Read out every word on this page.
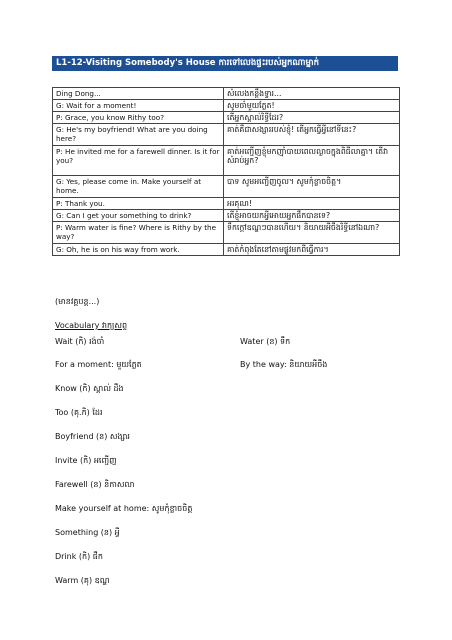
L1-12-Visiting Somebody's House ការទៅលេងផ្ទះរបស់អ្នកណាម្នាក់
Ding Dong...	សំលេងកន្ដឹងទ្វារ...
G: Wait for a moment!	សូមចាំមួយភ្លែត!
P: Grace, you know Rithy too?	តើអ្នកស្គាល់រិទ្ធីដែរ?
G: He's my boyfriend! What are you doing here?	គាត់គឺជាសង្សាររបស់ខ្ញុំ! តើអ្នកធ្វើអ្វីនៅទីនេះ?
P: He invited me for a farewell dinner. Is it for you?	គាត់អញ្ជើញខ្ញុំមកញ៉ាំបាយពេលល្ងាចក្នុងពិធីលាគ្នា។ តើវាសំរាប់អ្នក?
G: Yes, please come in. Make yourself at home.	បាទ សូមអញ្ជើញចូល។ សូមកុំខ្លាចចិត្ត។
P: Thank you.	អរគុណ!
G: Can I get your something to drink?	តើខ្ញុំអាចយកអ្វីអោយអ្នកផឹកបានទេ?
P: Warm water is fine? Where is Rithy by the way?	ទឹកក្តៅឧណ្ហៗបានហើយ។ និយាយអីចឹងរិទ្ធីនៅឯណា?
G: Oh, he is on his way from work.	គាត់កំពុងតែនៅតាមផ្លូវមកពីធ្វើការ។
(មានវគ្គបន្ត...)
Vocabulary វាក្យសព្ទ
Wait (កិ) រង់ចាំ
For a moment: មួយភ្លែត
Know (កិ) ស្គាល់ ដឹង
Too (គុ.កិ) ដែរ
Boyfriend (ន) សង្សារ
Invite (កិ) អញ្ជើញ
Farewell (ន) និកាសលា
Make yourself at home: សូមកុំខ្លាចចិត្ត
Something (ន) អ្វី
Drink (កិ) ផឹក
Warm (គុ) ឧណ្ហ
Water (ន) ទឹក
By the way: និយាយអីចឹង
